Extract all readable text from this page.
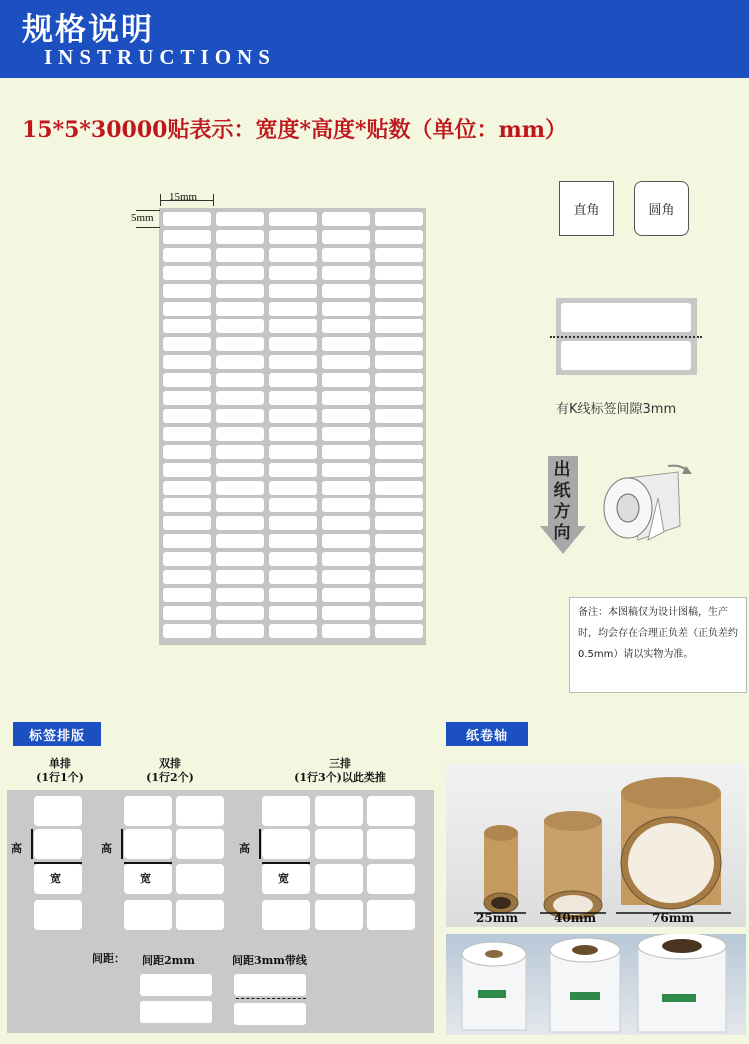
规格说明
INSTRUCTIONS
15*5*30000贴表示：宽度*高度*贴数（单位：mm）
15mm
5mm	直角	圆角
有K线标签间隙3mm
出
纸
方
向
备注：本图稿仅为设计图稿，生产时，均会存在合理正负差（正负差约0.5mm）请以实物为准。
标签排版
单排
(1行1个)
双排
(1行2个)
三排
(1行3个)以此类推
高
宽
高
宽
高
宽
间距： 间距2mm	间距3mm带线
纸卷轴
25mm	40mm	76mm
